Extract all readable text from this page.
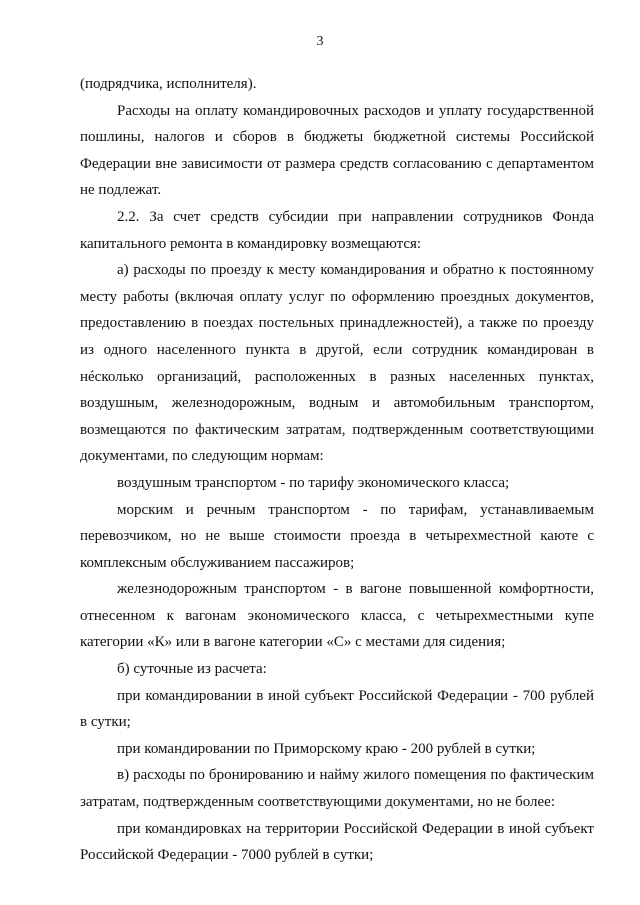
3

(подрядчика, исполнителя).

Расходы на оплату командировочных расходов и уплату государственной пошлины, налогов и сборов в бюджеты бюджетной системы Российской Федерации вне зависимости от размера средств согласованию с департаментом не подлежат.

2.2. За счет средств субсидии при направлении сотрудников Фонда капитального ремонта в командировку возмещаются:

а) расходы по проезду к месту командирования и обратно к постоянному месту работы (включая оплату услуг по оформлению проездных документов, предоставлению в поездах постельных принадлежностей), а также по проезду из одного населенного пункта в другой, если сотрудник командирован в нéсколько организаций, расположенных в разных населенных пунктах, воздушным, железнодорожным, водным и автомобильным транспортом, возмещаются по фактическим затратам, подтвержденным соответствующими документами, по следующим нормам:

воздушным транспортом - по тарифу экономического класса;

морским и речным транспортом - по тарифам, устанавливаемым перевозчиком, но не выше стоимости проезда в четырехместной каюте с комплексным обслуживанием пассажиров;

железнодорожным транспортом - в вагоне повышенной комфортности, отнесенном к вагонам экономического класса, с четырехместными купе категории «К» или в вагоне категории «С» с местами для сидения;

б) суточные из расчета:

при командировании в иной субъект Российской Федерации - 700 рублей в сутки;

при командировании по Приморскому краю - 200 рублей в сутки;

в) расходы по бронированию и найму жилого помещения по фактическим затратам, подтвержденным соответствующими документами, но не более:

при командировках на территории Российской Федерации в иной субъект Российской Федерации - 7000 рублей в сутки;
